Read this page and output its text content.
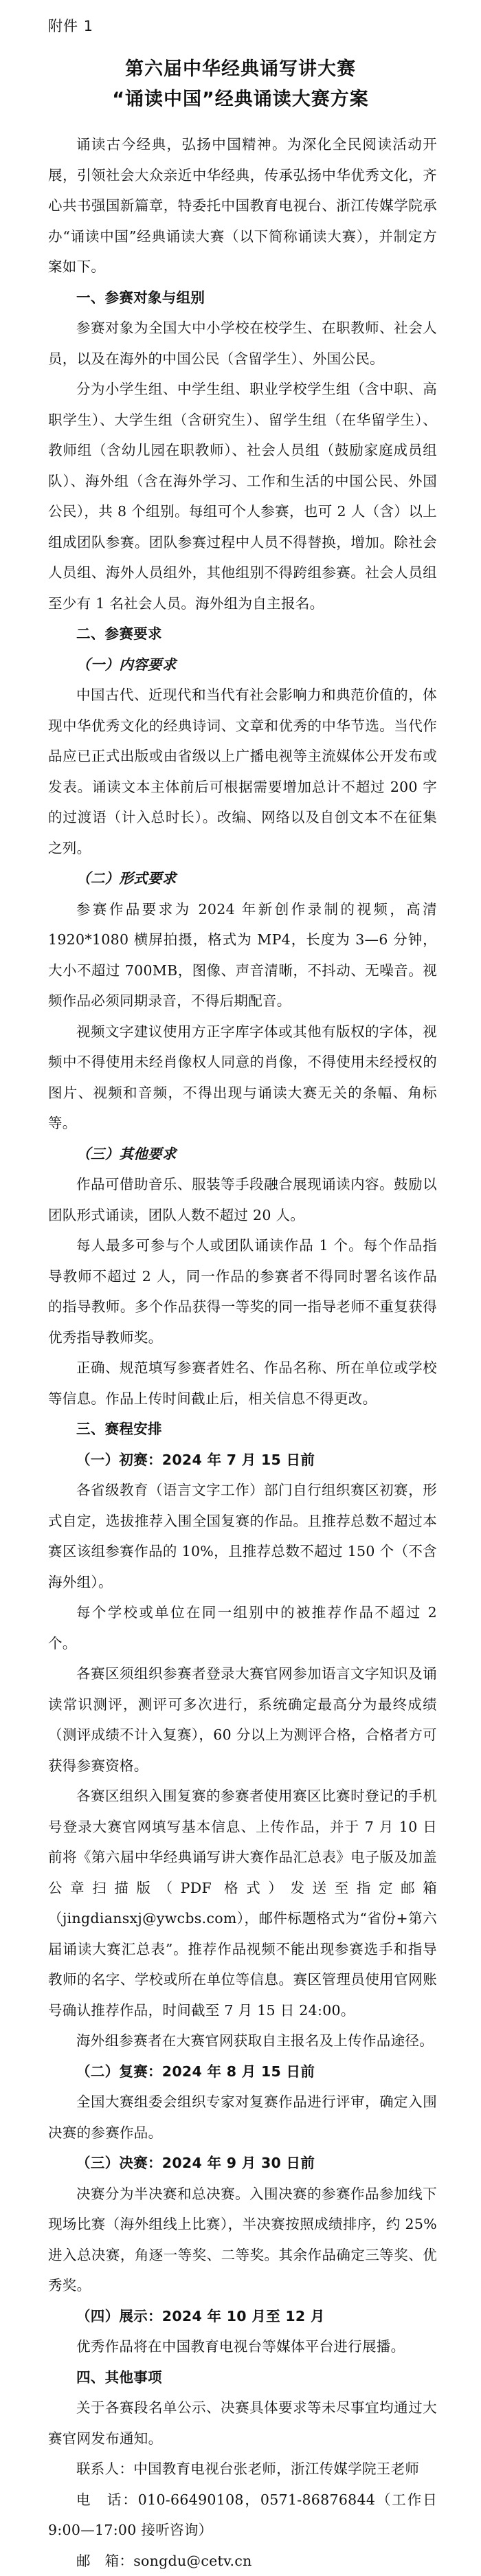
附件 1
第六届中华经典诵写讲大赛
“诵读中国”经典诵读大赛方案

诵读古今经典，弘扬中国精神。为深化全民阅读活动开展，引领社会大众亲近中华经典，传承弘扬中华优秀文化，齐心共书强国新篇章，特委托中国教育电视台、浙江传媒学院承办“诵读中国”经典诵读大赛（以下简称诵读大赛），并制定方案如下。

一、参赛对象与组别

参赛对象为全国大中小学校在校学生、在职教师、社会人员，以及在海外的中国公民（含留学生）、外国公民。

分为小学生组、中学生组、职业学校学生组（含中职、高职学生）、大学生组（含研究生）、留学生组（在华留学生）、教师组（含幼儿园在职教师）、社会人员组（鼓励家庭成员组队）、海外组（含在海外学习、工作和生活的中国公民、外国公民），共 8 个组别。每组可个人参赛，也可 2 人（含）以上组成团队参赛。团队参赛过程中人员不得替换，增加。除社会人员组、海外人员组外，其他组别不得跨组参赛。社会人员组至少有 1 名社会人员。海外组为自主报名。

二、参赛要求

（一）内容要求

中国古代、近现代和当代有社会影响力和典范价值的，体现中华优秀文化的经典诗词、文章和优秀的中华节选。当代作品应已正式出版或由省级以上广播电视等主流媒体公开发布或发表。诵读文本主体前后可根据需要增加总计不超过 200 字的过渡语（计入总时长）。改编、网络以及自创文本不在征集之列。

（二）形式要求

参赛作品要求为 2024 年新创作录制的视频，高清 1920*1080 横屏拍摄，格式为 MP4，长度为 3—6 分钟，大小不超过 700MB，图像、声音清晰，不抖动、无噪音。视频作品必须同期录音，不得后期配音。

视频文字建议使用方正字库字体或其他有版权的字体，视频中不得使用未经肖像权人同意的肖像，不得使用未经授权的图片、视频和音频，不得出现与诵读大赛无关的条幅、角标等。

（三）其他要求

作品可借助音乐、服装等手段融合展现诵读内容。鼓励以团队形式诵读，团队人数不超过 20 人。

每人最多可参与个人或团队诵读作品 1 个。每个作品指导教师不超过 2 人，同一作品的参赛者不得同时署名该作品的指导教师。多个作品获得一等奖的同一指导老师不重复获得优秀指导教师奖。

正确、规范填写参赛者姓名、作品名称、所在单位或学校等信息。作品上传时间截止后，相关信息不得更改。

三、赛程安排

（一）初赛：2024 年 7 月 15 日前

各省级教育（语言文字工作）部门自行组织赛区初赛，形式自定，选拔推荐入围全国复赛的作品。且推荐总数不超过本赛区该组参赛作品的 10%，且推荐总数不超过 150 个（不含海外组）。

每个学校或单位在同一组别中的被推荐作品不超过 2 个。

各赛区须组织参赛者登录大赛官网参加语言文字知识及诵读常识测评，测评可多次进行，系统确定最高分为最终成绩（测评成绩不计入复赛），60 分以上为测评合格，合格者方可获得参赛资格。

各赛区组织入围复赛的参赛者使用赛区比赛时登记的手机号登录大赛官网填写基本信息、上传作品，并于 7 月 10 日前将《第六届中华经典诵写讲大赛作品汇总表》电子版及加盖公章扫描版（PDF 格式）发送至指定邮箱（jingdiansxj@ywcbs.com），邮件标题格式为“省份+第六届诵读大赛汇总表”。推荐作品视频不能出现参赛选手和指导教师的名字、学校或所在单位等信息。赛区管理员使用官网账号确认推荐作品，时间截至 7 月 15 日 24:00。

海外组参赛者在大赛官网获取自主报名及上传作品途径。

（二）复赛：2024 年 8 月 15 日前

全国大赛组委会组织专家对复赛作品进行评审，确定入围决赛的参赛作品。

（三）决赛：2024 年 9 月 30 日前

决赛分为半决赛和总决赛。入围决赛的参赛作品参加线下现场比赛（海外组线上比赛），半决赛按照成绩排序，约 25%进入总决赛，角逐一等奖、二等奖。其余作品确定三等奖、优秀奖。

（四）展示：2024 年 10 月至 12 月

优秀作品将在中国教育电视台等媒体平台进行展播。

四、其他事项

关于各赛段名单公示、决赛具体要求等未尽事宜均通过大赛官网发布通知。

联系人：中国教育电视台张老师，浙江传媒学院王老师

电　话：010-66490108，0571-86876844（工作日 9:00—17:00 接听咨询）

邮　箱：songdu@cetv.cn
